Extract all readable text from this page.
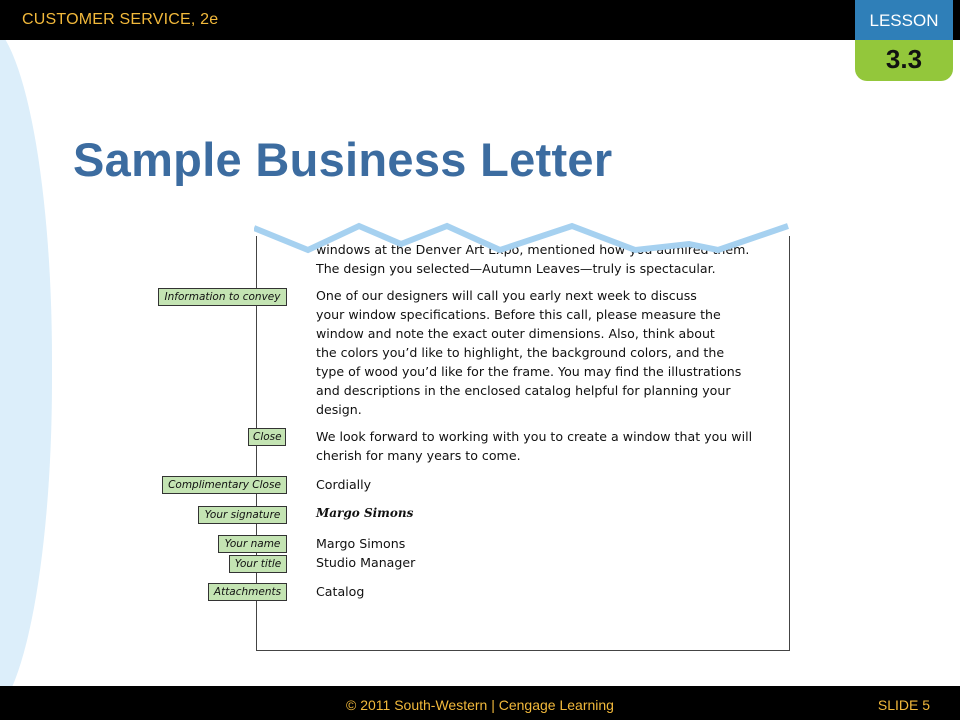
CUSTOMER SERVICE, 2e	LESSON
3.3
Sample Business Letter
windows at the Denver Art Expo, mentioned how you admired them.
The design you selected—Autumn Leaves—truly is spectacular.
One of our designers will call you early next week to discuss
your window specifications. Before this call, please measure the
window and note the exact outer dimensions. Also, think about
the colors you’d like to highlight, the background colors, and the
type of wood you’d like for the frame. You may find the illustrations
and descriptions in the enclosed catalog helpful for planning your
design.
We look forward to working with you to create a window that you will
cherish for many years to come.
Cordially
Margo Simons
Margo Simons
Studio Manager
Catalog
Information to convey
Close
Complimentary Close
Your signature
Your name
Your title
Attachments
© 2011 South-Western | Cengage Learning	SLIDE 5
